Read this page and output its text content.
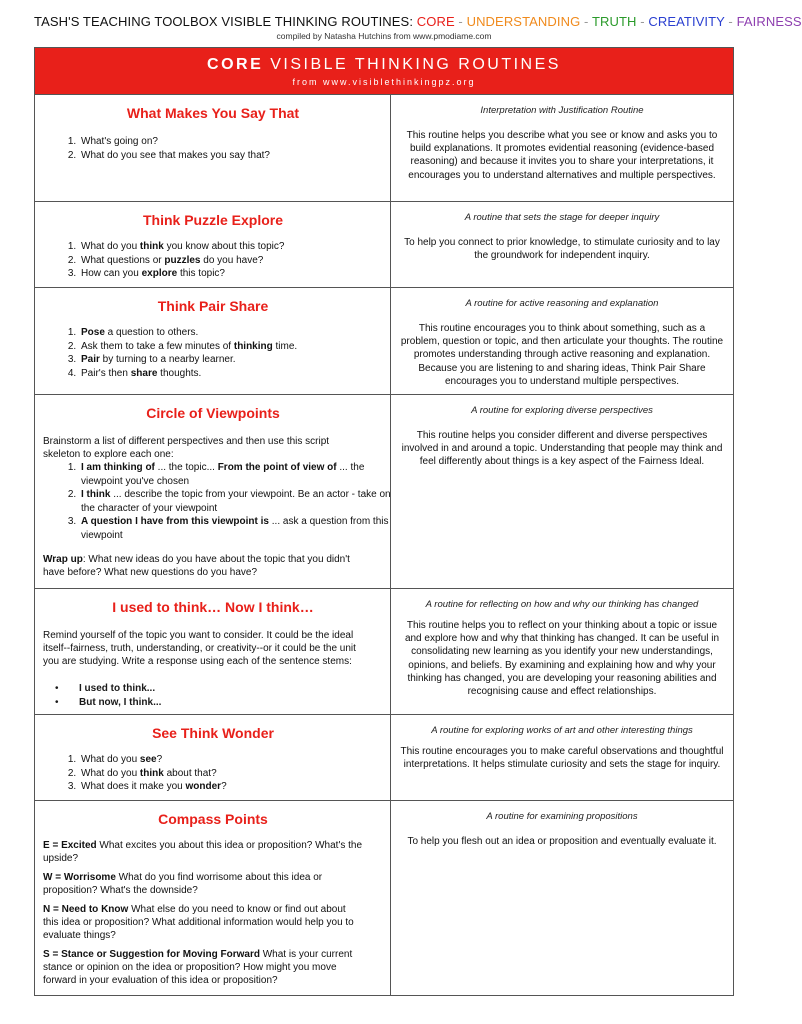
TASH'S TEACHING TOOLBOX VISIBLE THINKING ROUTINES: CORE - UNDERSTANDING - TRUTH - CREATIVITY - FAIRNESS
compiled by Natasha Hutchins from www.pmodiame.com
CORE VISIBLE THINKING ROUTINES
from www.visiblethinkingpz.org
What Makes You Say That
1. What's going on?
2. What do you see that makes you say that?
Interpretation with Justification Routine
This routine helps you describe what you see or know and asks you to build explanations. It promotes evidential reasoning (evidence-based reasoning) and because it invites you to share your interpretations, it encourages you to understand alternatives and multiple perspectives.
Think Puzzle Explore
1. What do you think you know about this topic?
2. What questions or puzzles do you have?
3. How can you explore this topic?
A routine that sets the stage for deeper inquiry
To help you connect to prior knowledge, to stimulate curiosity and to lay the groundwork for independent inquiry.
Think Pair Share
1. Pose a question to others.
2. Ask them to take a few minutes of thinking time.
3. Pair by turning to a nearby learner.
4. Pair's then share thoughts.
A routine for active reasoning and explanation
This routine encourages you to think about something, such as a problem, question or topic, and then articulate your thoughts. The routine promotes understanding through active reasoning and explanation. Because you are listening to and sharing ideas, Think Pair Share encourages you to understand multiple perspectives.
Circle of Viewpoints
Brainstorm a list of different perspectives and then use this script skeleton to explore each one:
1. I am thinking of ... the topic... From the point of view of ... the viewpoint you've chosen
2. I think ... describe the topic from your viewpoint. Be an actor - take on the character of your viewpoint
3. A question I have from this viewpoint is ... ask a question from this viewpoint
Wrap up: What new ideas do you have about the topic that you didn't have before? What new questions do you have?
A routine for exploring diverse perspectives
This routine helps you consider different and diverse perspectives involved in and around a topic. Understanding that people may think and feel differently about things is a key aspect of the Fairness Ideal.
I used to think… Now I think…
Remind yourself of the topic you want to consider. It could be the ideal itself--fairness, truth, understanding, or creativity--or it could be the unit you are studying. Write a response using each of the sentence stems:
• I used to think...
• But now, I think...
A routine for reflecting on how and why our thinking has changed
This routine helps you to reflect on your thinking about a topic or issue and explore how and why that thinking has changed. It can be useful in consolidating new learning as you identify your new understandings, opinions, and beliefs. By examining and explaining how and why your thinking has changed, you are developing your reasoning abilities and recognising cause and effect relationships.
See Think Wonder
1. What do you see?
2. What do you think about that?
3. What does it make you wonder?
A routine for exploring works of art and other interesting things
This routine encourages you to make careful observations and thoughtful interpretations. It helps stimulate curiosity and sets the stage for inquiry.
Compass Points
E = Excited What excites you about this idea or proposition? What's the upside?
W = Worrisome What do you find worrisome about this idea or proposition? What's the downside?
N = Need to Know What else do you need to know or find out about this idea or proposition? What additional information would help you to evaluate things?
S = Stance or Suggestion for Moving Forward What is your current stance or opinion on the idea or proposition? How might you move forward in your evaluation of this idea or proposition?
A routine for examining propositions
To help you flesh out an idea or proposition and eventually evaluate it.
